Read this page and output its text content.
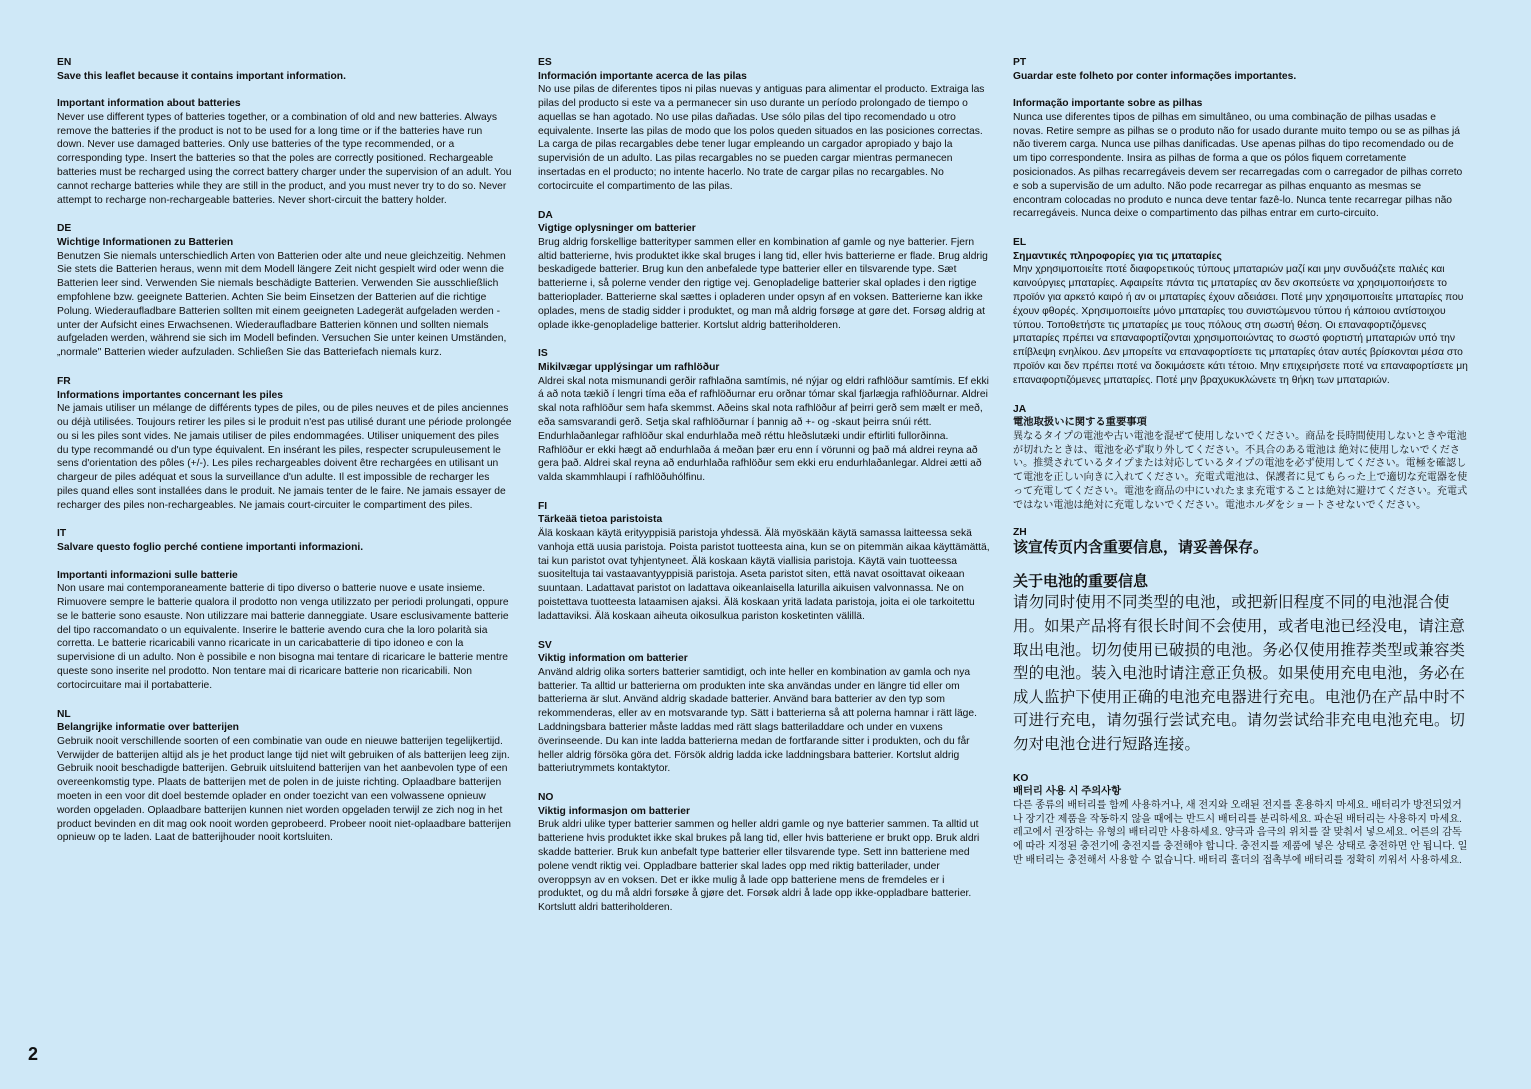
EN
Save this leaflet because it contains important information.
Important information about batteries
Never use different types of batteries together, or a combination of old and new batteries. Always remove the batteries if the product is not to be used for a long time or if the batteries have run down. Never use damaged batteries. Only use batteries of the type recommended, or a corresponding type. Insert the batteries so that the poles are correctly positioned. Rechargeable batteries must be recharged using the correct battery charger under the supervision of an adult. You cannot recharge batteries while they are still in the product, and you must never try to do so. Never attempt to recharge non-rechargeable batteries. Never short-circuit the battery holder.
DE
Wichtige Informationen zu Batterien
Benutzen Sie niemals unterschiedlich Arten von Batterien oder alte und neue gleichzeitig. Nehmen Sie stets die Batterien heraus, wenn mit dem Modell längere Zeit nicht gespielt wird oder wenn die Batterien leer sind. Verwenden Sie niemals beschädigte Batterien. Verwenden Sie ausschließlich empfohlene bzw. geeignete Batterien. Achten Sie beim Einsetzen der Batterien auf die richtige Polung. Wiederaufladbare Batterien sollten mit einem geeigneten Ladegerät aufgeladen werden - unter der Aufsicht eines Erwachsenen. Wiederaufladbare Batterien können und sollten niemals aufgeladen werden, während sie sich im Modell befinden. Versuchen Sie unter keinen Umständen, „normale" Batterien wieder aufzuladen. Schließen Sie das Batteriefach niemals kurz.
FR
Informations importantes concernant les piles
Ne jamais utiliser un mélange de différents types de piles, ou de piles neuves et de piles anciennes ou déjà utilisées. Toujours retirer les piles si le produit n'est pas utilisé durant une période prolongée ou si les piles sont vides. Ne jamais utiliser de piles endommagées. Utiliser uniquement des piles du type recommandé ou d'un type équivalent. En insérant les piles, respecter scrupuleusement le sens d'orientation des pôles (+/-). Les piles rechargeables doivent être rechargées en utilisant un chargeur de piles adéquat et sous la surveillance d'un adulte. Il est impossible de recharger les piles quand elles sont installées dans le produit. Ne jamais tenter de le faire. Ne jamais essayer de recharger des piles non-rechargeables. Ne jamais court-circuiter le compartiment des piles.
IT
Salvare questo foglio perché contiene importanti informazioni.
Importanti informazioni sulle batterie
Non usare mai contemporaneamente batterie di tipo diverso o batterie nuove e usate insieme. Rimuovere sempre le batterie qualora il prodotto non venga utilizzato per periodi prolungati, oppure se le batterie sono esauste. Non utilizzare mai batterie danneggiate. Usare esclusivamente batterie del tipo raccomandato o un equivalente. Inserire le batterie avendo cura che la loro polarità sia corretta. Le batterie ricaricabili vanno ricaricate in un caricabatterie di tipo idoneo e con la supervisione di un adulto. Non è possibile e non bisogna mai tentare di ricaricare le batterie mentre queste sono inserite nel prodotto. Non tentare mai di ricaricare batterie non ricaricabili. Non cortocircuitare mai il portabatterie.
NL
Belangrijke informatie over batterijen
Gebruik nooit verschillende soorten of een combinatie van oude en nieuwe batterijen tegelijkertijd. Verwijder de batterijen altijd als je het product lange tijd niet wilt gebruiken of als batterijen leeg zijn. Gebruik nooit beschadigde batterijen. Gebruik uitsluitend batterijen van het aanbevolen type of een overeenkomstig type. Plaats de batterijen met de polen in de juiste richting. Oplaadbare batterijen moeten in een voor dit doel bestemde oplader en onder toezicht van een volwassene opnieuw worden opgeladen. Oplaadbare batterijen kunnen niet worden opgeladen terwijl ze zich nog in het product bevinden en dit mag ook nooit worden geprobeerd. Probeer nooit niet-oplaadbare batterijen opnieuw op te laden. Laat de batterijhouder nooit kortsluiten.
ES
Información importante acerca de las pilas
No use pilas de diferentes tipos ni pilas nuevas y antiguas para alimentar el producto. Extraiga las pilas del producto si este va a permanecer sin uso durante un período prolongado de tiempo o aquellas se han agotado. No use pilas dañadas. Use sólo pilas del tipo recomendado u otro equivalente. Inserte las pilas de modo que los polos queden situados en las posiciones correctas. La carga de pilas recargables debe tener lugar empleando un cargador apropiado y bajo la supervisión de un adulto. Las pilas recargables no se pueden cargar mientras permanecen insertadas en el producto; no intente hacerlo. No trate de cargar pilas no recargables. No cortocircuite el compartimento de las pilas.
DA
Vigtige oplysninger om batterier
Brug aldrig forskellige batterityper sammen eller en kombination af gamle og nye batterier. Fjern altid batterierne, hvis produktet ikke skal bruges i lang tid, eller hvis batterierne er flade. Brug aldrig beskadigede batterier. Brug kun den anbefalede type batterier eller en tilsvarende type. Sæt batterierne i, så polerne vender den rigtige vej. Genopladelige batterier skal oplades i den rigtige batterioplader. Batterierne skal sættes i opladeren under opsyn af en voksen. Batterierne kan ikke oplades, mens de stadig sidder i produktet, og man må aldrig forsøge at gøre det. Forsøg aldrig at oplade ikke-genopladelige batterier. Kortslut aldrig batteriholderen.
IS
Mikilvægar upplýsingar um rafhlöður
Aldrei skal nota mismunandi gerðir rafhlaðna samtímis, né nýjar og eldri rafhlöður samtímis. Ef ekki á að nota tækið í lengri tíma eða ef rafhlöðurnar eru orðnar tómar skal fjarlægja rafhlöðurnar. Aldrei skal nota rafhlöður sem hafa skemmst. Aðeins skal nota rafhlöður af þeirri gerð sem mælt er með, eða samsvarandi gerð. Setja skal rafhlöðurnar í þannig að +- og -skaut þeirra snúi rétt. Endurhlaðanlegar rafhlöður skal endurhlaða með réttu hleðslutæki undir eftirliti fullorðinna. Rafhlöður er ekki hægt að endurhlaða á meðan þær eru enn í vörunni og það má aldrei reyna að gera það. Aldrei skal reyna að endurhlaða rafhlöður sem ekki eru endurhlaðanlegar. Aldrei ætti að valda skammhlaupi í rafhlöðuhólfinu.
FI
Tärkeää tietoa paristoista
Älä koskaan käytä erityyppisiä paristoja yhdessä. Älä myöskään käytä samassa laitteessa sekä vanhoja että uusia paristoja. Poista paristot tuotteesta aina, kun se on pitemmän aikaa käyttämättä, tai kun paristot ovat tyhjentyneet. Älä koskaan käytä viallisia paristoja. Käytä vain tuotteessa suositeltuja tai vastaavantyyppisiä paristoja. Aseta paristot siten, että navat osoittavat oikeaan suuntaan. Ladattavat paristot on ladattava oikeanlaisella laturilla aikuisen valvonnassa. Ne on poistettava tuotteesta lataamisen ajaksi. Älä koskaan yritä ladata paristoja, joita ei ole tarkoitettu ladattaviksi. Älä koskaan aiheuta oikosulkua pariston kosketinten välillä.
SV
Viktig information om batterier
Använd aldrig olika sorters batterier samtidigt, och inte heller en kombination av gamla och nya batterier. Ta alltid ur batterierna om produkten inte ska användas under en längre tid eller om batterierna är slut. Använd aldrig skadade batterier. Använd bara batterier av den typ som rekommenderas, eller av en motsvarande typ. Sätt i batterierna så att polerna hamnar i rätt läge. Laddningsbara batterier måste laddas med rätt slags batteriladdare och under en vuxens överinseende. Du kan inte ladda batterierna medan de fortfarande sitter i produkten, och du får heller aldrig försöka göra det. Försök aldrig ladda icke laddningsbara batterier. Kortslut aldrig batteriutrymmets kontaktytor.
NO
Viktig informasjon om batterier
Bruk aldri ulike typer batterier sammen og heller aldri gamle og nye batterier sammen. Ta alltid ut batteriene hvis produktet ikke skal brukes på lang tid, eller hvis batteriene er brukt opp. Bruk aldri skadde batterier. Bruk kun anbefalt type batterier eller tilsvarende type. Sett inn batteriene med polene vendt riktig vei. Oppladbare batterier skal lades opp med riktig batterilader, under overoppsyn av en voksen. Det er ikke mulig å lade opp batteriene mens de fremdeles er i produktet, og du må aldri forsøke å gjøre det. Forsøk aldri å lade opp ikke-oppladbare batterier. Kortslutt aldri batteriholderen.
PT
Guardar este folheto por conter informações importantes.
Informação importante sobre as pilhas
Nunca use diferentes tipos de pilhas em simultâneo, ou uma combinação de pilhas usadas e novas. Retire sempre as pilhas se o produto não for usado durante muito tempo ou se as pilhas já não tiverem carga. Nunca use pilhas danificadas. Use apenas pilhas do tipo recomendado ou de um tipo correspondente. Insira as pilhas de forma a que os pólos fiquem corretamente posicionados. As pilhas recarregáveis devem ser recarregadas com o carregador de pilhas correto e sob a supervisão de um adulto. Não pode recarregar as pilhas enquanto as mesmas se encontram colocadas no produto e nunca deve tentar fazê-lo. Nunca tente recarregar pilhas não recarregáveis. Nunca deixe o compartimento das pilhas entrar em curto-circuito.
EL
Σημαντικές πληροφορίες για τις μπαταρίες
Μην χρησιμοποιείτε ποτέ διαφορετικούς τύπους μπαταριών μαζί και μην συνδυάζετε παλιές και καινούργιες μπαταρίες. Αφαιρείτε πάντα τις μπαταρίες αν δεν σκοπεύετε να χρησιμοποιήσετε το προϊόν για αρκετό καιρό ή αν οι μπαταρίες έχουν αδειάσει. Ποτέ μην χρησιμοποιείτε μπαταρίες που έχουν φθορές. Χρησιμοποιείτε μόνο μπαταρίες του συνιστώμενου τύπου ή κάποιου αντίστοιχου τύπου. Τοποθετήστε τις μπαταρίες με τους πόλους στη σωστή θέση. Οι επαναφορτιζόμενες μπαταρίες πρέπει να επαναφορτίζονται χρησιμοποιώντας το σωστό φορτιστή μπαταριών υπό την επίβλεψη ενηλίκου. Δεν μπορείτε να επαναφορτίσετε τις μπαταρίες όταν αυτές βρίσκονται μέσα στο προϊόν και δεν πρέπει ποτέ να δοκιμάσετε κάτι τέτοιο. Μην επιχειρήσετε ποτέ να επαναφορτίσετε μη επαναφορτιζόμενες μπαταρίες. Ποτέ μην βραχυκυκλώνετε τη θήκη των μπαταριών.
JA
電池取扱いに関する重要事項
異なるタイプの電池や古い電池を混ぜて使用しないでください。商品を長時間使用しないときや電池が切れたときは、電池を必ず取り外してください。不具合のある電池は 絶対に使用しないでください。推奨されているタイプまたは対応しているタイプの電池を必ず使用してください。電極を確認して電池を正しい向きに入れてください。充電式電池は、保護者に見てもらった上で適切な充電器を使って充電してください。電池を商品の中にいれたまま充電することは絶対に避けてください。充電式ではない電池は絶対に充電しないでください。電池ホルダをショートさせないでください。
ZH
该宣传页内含重要信息，请妥善保存。
关于电池的重要信息
请勿同时使用不同类型的电池，或把新旧程度不同的电池混合使用。如果产品将有很长时间不会使用，或者电池已经没电，请注意取出电池。切勿使用已破损的电池。务必仅使用推荐类型或兼容类型的电池。装入电池时请注意正负极。如果使用充电电池，务必在成人监护下使用正确的电池充电器进行充电。电池仍在产品中时不可进行充电，请勿强行尝试充电。请勿尝试给非充电电池充电。切勿对电池仓进行短路连接。
KO
배터리 사용 시 주의사항
다른 종류의 배터리를 함께 사용하거나, 새 전지와 오래된 전지를 혼용하지 마세요. 배터리가 방전되었거나 장기간 제품을 작동하지 않을 때에는 반드시 배터리를 분리하세요. 파손된 배터리는 사용하지 마세요. 레고에서 권장하는 유형의 배터리만 사용하세요. 양극과 음극의 위치를 잘 맞춰서 넣으세요. 어른의 감독에 따라 지정된 충전기에 충전지를 충전해야 합니다. 충전지를 제품에 넣은 상태로 충전하면 안 됩니다. 일반 배터리는 충전해서 사용할 수 없습니다. 배터리 홀더의 접촉부에 배터리를 정확히 끼워서 사용하세요.
2
